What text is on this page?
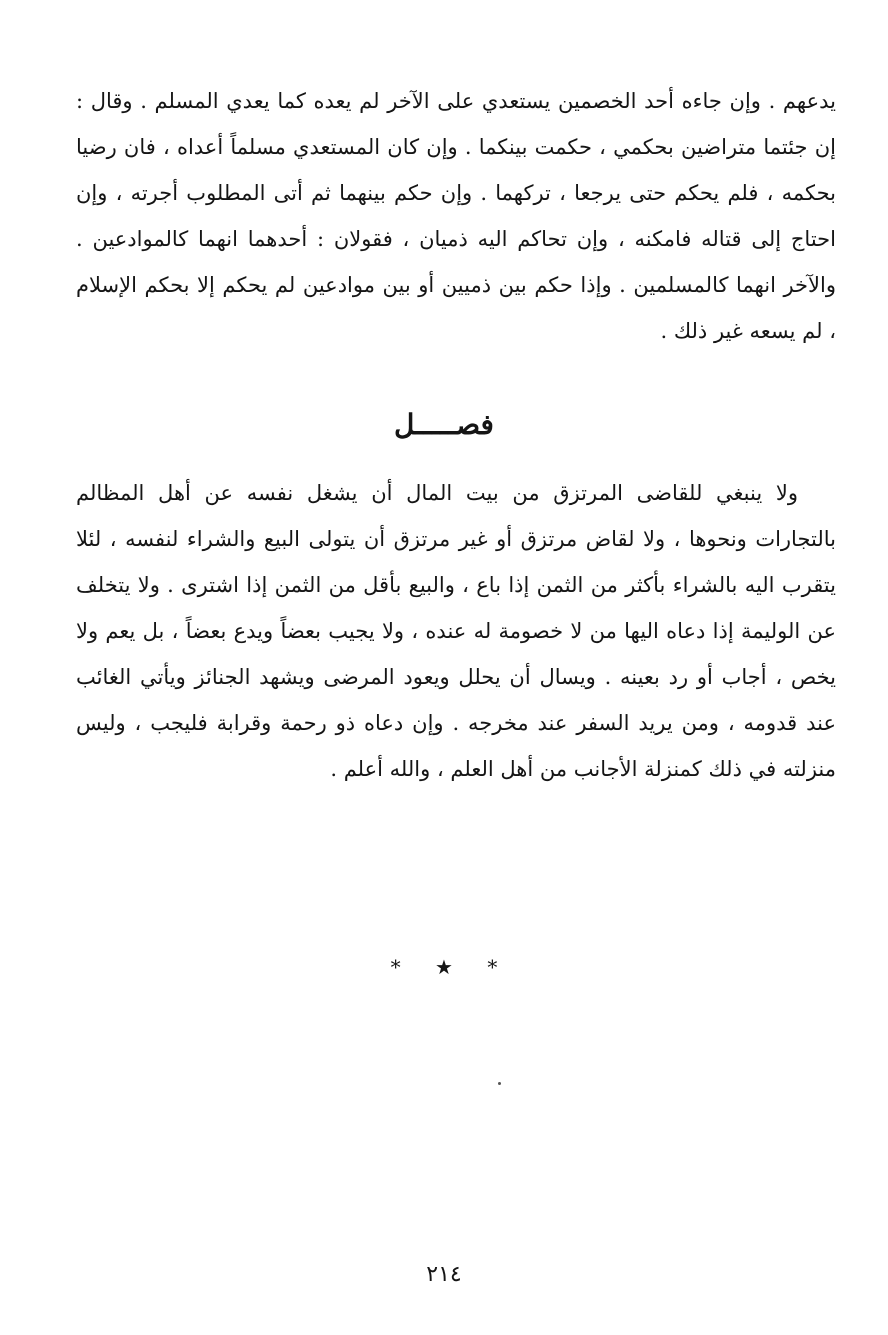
يدعهم . وإن جاءه أحد الخصمين يستعدي على الآخر لم يعده كما يعدي المسلم . وقال : إن جئتما متراضين بحكمي ، حكمت بينكما . وإن كان المستعدي مسلماً أعداه ، فان رضيا بحكمه ، فلم يحكم حتى يرجعا ، تركهما . وإن حكم بينهما ثم أتى المطلوب أجرته ، وإن احتاج إلى قتاله فامكنه ، وإن تحاكم اليه ذميان ، فقولان : أحدهما انهما كالموادعين . والآخر انهما كالمسلمين . وإذا حكم بين ذميين أو بين موادعين لم يحكم إلا بحكم الإسلام ، لم يسعه غير ذلك .

فصـــــل

ولا ينبغي للقاضى المرتزق من بيت المال أن يشغل نفسه عن أهل المظالم بالتجارات ونحوها ، ولا لقاض مرتزق أو غير مرتزق أن يتولى البيع والشراء لنفسه ، لئلا يتقرب اليه بالشراء بأكثر من الثمن إذا باع ، والبيع بأقل من الثمن إذا اشترى . ولا يتخلف عن الوليمة إذا دعاه اليها من لا خصومة له عنده ، ولا يجيب بعضاً ويدع بعضاً ، بل يعم ولا يخص ، أجاب أو رد بعينه . ويسال أن يحلل ويعود المرضى ويشهد الجنائز ويأتي الغائب عند قدومه ، ومن يريد السفر عند مخرجه . وإن دعاه ذو رحمة وقرابة فليجب ، وليس منزلته في ذلك كمنزلة الأجانب من أهل العلم ، والله أعلم .

* ★ *
٢١٤
